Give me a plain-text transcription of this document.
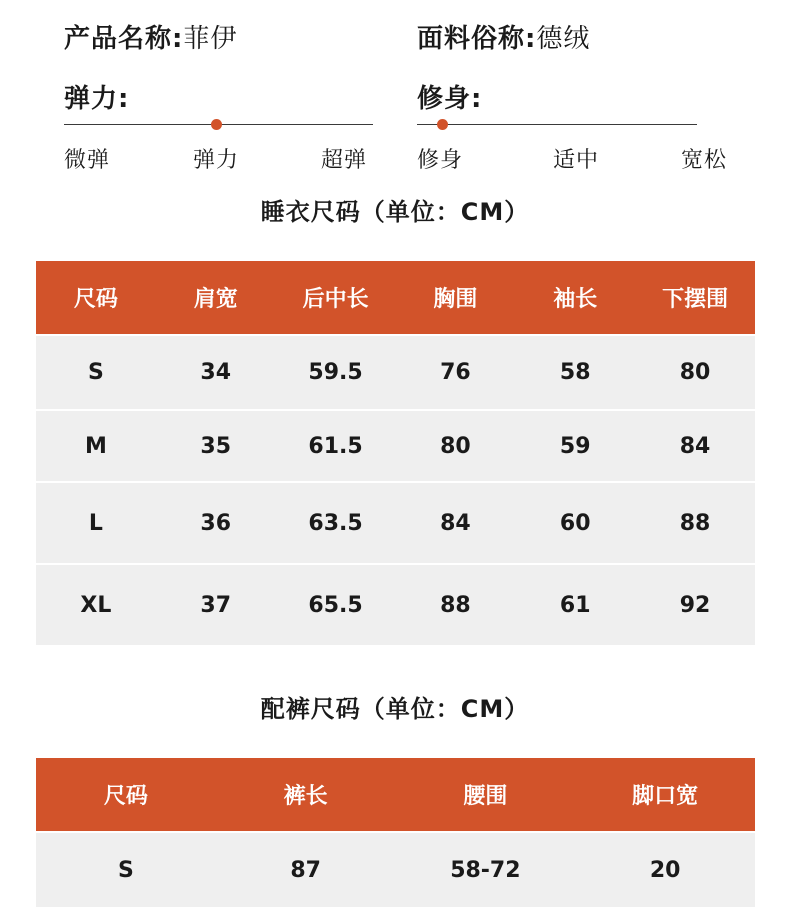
产品名称:菲伊	面料俗称:德绒
弹力:
微弹	弹力	超弹
修身:
修身	适中	宽松
睡衣尺码（单位：CM）
尺码	肩宽	后中长	胸围	袖长	下摆围
S	34	59.5	76	58	80
M	35	61.5	80	59	84
L	36	63.5	84	60	88
XL	37	65.5	88	61	92
配裤尺码（单位：CM）
尺码	裤长	腰围	脚口宽
S	87	58-72	20
